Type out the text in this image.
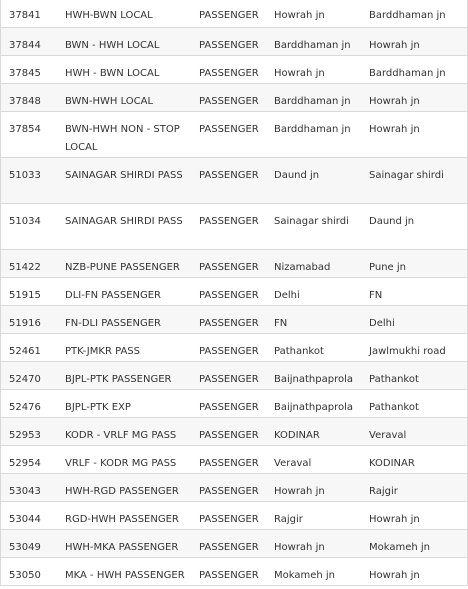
37841	HWH-BWN LOCAL	PASSENGER	Howrah jn	Barddhaman jn
37844	BWN - HWH LOCAL	PASSENGER	Barddhaman jn	Howrah jn
37845	HWH - BWN LOCAL	PASSENGER	Howrah jn	Barddhaman jn
37848	BWN-HWH LOCAL	PASSENGER	Barddhaman jn	Howrah jn
37854	BWN-HWH NON - STOP LOCAL	PASSENGER	Barddhaman jn	Howrah jn
51033	SAINAGAR SHIRDI PASS	PASSENGER	Daund jn	Sainagar shirdi
51034	SAINAGAR SHIRDI PASS	PASSENGER	Sainagar shirdi	Daund jn
51422	NZB-PUNE PASSENGER	PASSENGER	Nizamabad	Pune jn
51915	DLI-FN PASSENGER	PASSENGER	Delhi	FN
51916	FN-DLI PASSENGER	PASSENGER	FN	Delhi
52461	PTK-JMKR PASS	PASSENGER	Pathankot	Jawlmukhi road
52470	BJPL-PTK PASSENGER	PASSENGER	Baijnathpaprola	Pathankot
52476	BJPL-PTK EXP	PASSENGER	Baijnathpaprola	Pathankot
52953	KODR - VRLF MG PASS	PASSENGER	KODINAR	Veraval
52954	VRLF - KODR MG PASS	PASSENGER	Veraval	KODINAR
53043	HWH-RGD PASSENGER	PASSENGER	Howrah jn	Rajgir
53044	RGD-HWH PASSENGER	PASSENGER	Rajgir	Howrah jn
53049	HWH-MKA PASSENGER	PASSENGER	Howrah jn	Mokameh jn
53050	MKA - HWH PASSENGER	PASSENGER	Mokameh jn	Howrah jn
